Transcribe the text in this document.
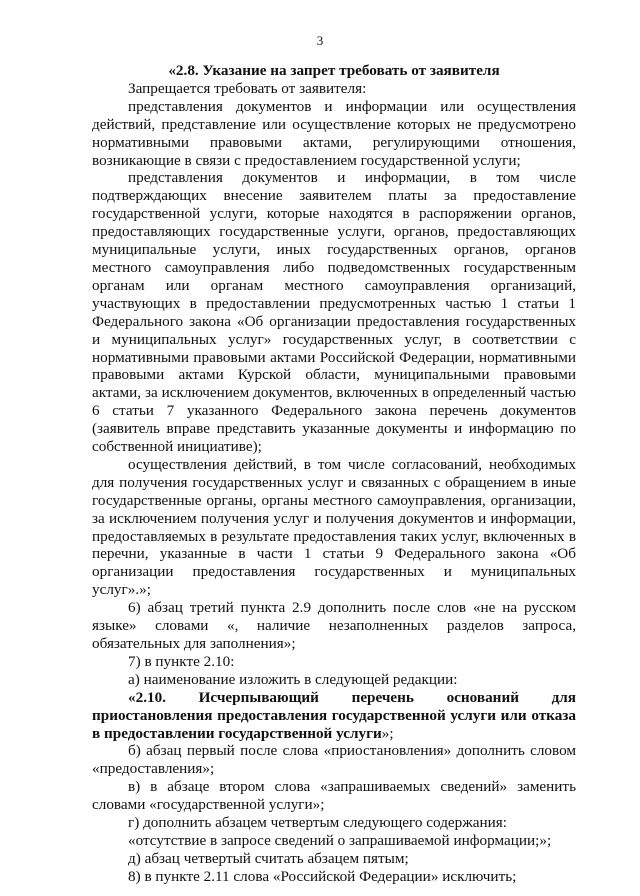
3

«2.8. Указание на запрет требовать от заявителя

Запрещается требовать от заявителя:

представления документов и информации или осуществления действий, представление или осуществление которых не предусмотрено нормативными правовыми актами, регулирующими отношения, возникающие в связи с предоставлением государственной услуги;

представления документов и информации, в том числе подтверждающих внесение заявителем платы за предоставление государственной услуги, которые находятся в распоряжении органов, предоставляющих государственные услуги, органов, предоставляющих муниципальные услуги, иных государственных органов, органов местного самоуправления либо подведомственных государственным органам или органам местного самоуправления организаций, участвующих в предоставлении предусмотренных частью 1 статьи 1 Федерального закона «Об организации предоставления государственных и муниципальных услуг» государственных услуг, в соответствии с нормативными правовыми актами Российской Федерации, нормативными правовыми актами Курской области, муниципальными правовыми актами, за исключением документов, включенных в определенный частью 6 статьи 7 указанного Федерального закона перечень документов (заявитель вправе представить указанные документы и информацию по собственной инициативе);

осуществления действий, в том числе согласований, необходимых для получения государственных услуг и связанных с обращением в иные государственные органы, органы местного самоуправления, организации, за исключением получения услуг и получения документов и информации, предоставляемых в результате предоставления таких услуг, включенных в перечни, указанные в части 1 статьи 9 Федерального закона «Об организации предоставления государственных и муниципальных услуг».»;

6) абзац третий пункта 2.9 дополнить после слов «не на русском языке» словами «, наличие незаполненных разделов запроса, обязательных для заполнения»;

7) в пункте 2.10:

а) наименование изложить в следующей редакции:

«2.10. Исчерпывающий перечень оснований для приостановления предоставления государственной услуги или отказа в предоставлении государственной услуги»;

б) абзац первый после слова «приостановления» дополнить словом «предоставления»;

в) в абзаце втором слова «запрашиваемых сведений» заменить словами «государственной услуги»;

г) дополнить абзацем четвертым следующего содержания:

«отсутствие в запросе сведений о запрашиваемой информации;»;

д) абзац четвертый считать абзацем пятым;

8) в пункте 2.11 слова «Российской Федерации» исключить;
